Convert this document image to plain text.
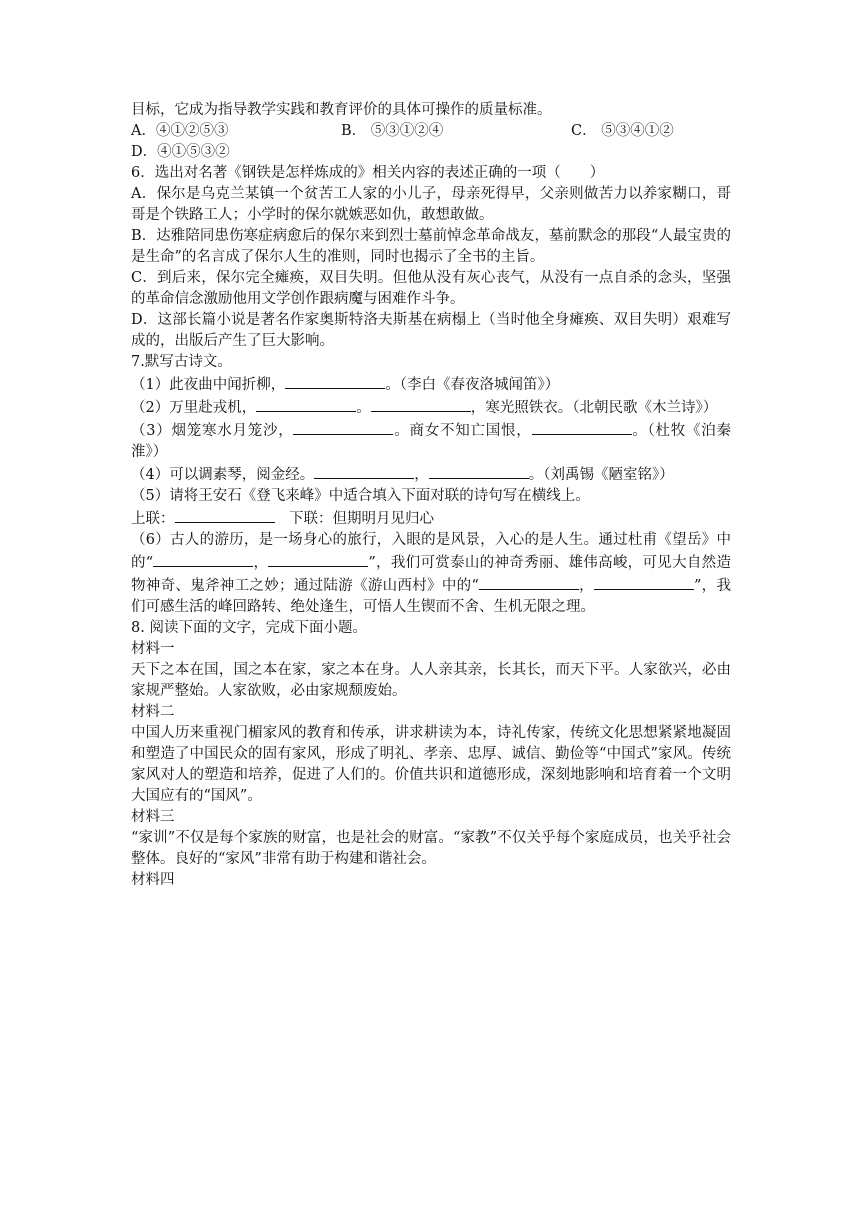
目标，它成为指导教学实践和教育评价的具体可操作的质量标准。

A．④①②⑤③	B． ⑤③①②④	C． ⑤③④①②

D．④①⑤③②

6．选出对名著《钢铁是怎样炼成的》相关内容的表述正确的一项（　　）

A．保尔是乌克兰某镇一个贫苦工人家的小儿子，母亲死得早，父亲则做苦力以养家糊口，哥哥是个铁路工人；小学时的保尔就嫉恶如仇，敢想敢做。

B．达雅陪同患伤寒症病愈后的保尔来到烈士墓前悼念革命战友，墓前默念的那段“人最宝贵的是生命”的名言成了保尔人生的准则，同时也揭示了全书的主旨。

C．到后来，保尔完全瘫痪，双目失明。但他从没有灰心丧气，从没有一点自杀的念头，坚强的革命信念激励他用文学创作跟病魔与困难作斗争。

D．这部长篇小说是著名作家奥斯特洛夫斯基在病榻上（当时他全身瘫痪、双目失明）艰难写成的，出版后产生了巨大影响。

7.默写古诗文。

（1）此夜曲中闻折柳，	。（李白《春夜洛城闻笛》）

（2）万里赴戎机，	。	，寒光照铁衣。（北朝民歌《木兰诗》）

（3）烟笼寒水月笼沙，	。商女不知亡国恨，	。（杜牧《泊秦淮》）

（4）可以调素琴，阅金经。	，	。（刘禹锡《陋室铭》）

（5）请将王安石《登飞来峰》中适合填入下面对联的诗句写在横线上。

上联：	　下联：但期明月见归心

（6）古人的游历，是一场身心的旅行，入眼的是风景，入心的是人生。通过杜甫《望岳》中的“	，	”，我们可赏泰山的神奇秀丽、雄伟高峻，可见大自然造物神奇、鬼斧神工之妙；通过陆游《游山西村》中的“	，	”，我们可感生活的峰回路转、绝处逢生，可悟人生锲而不舍、生机无限之理。

8. 阅读下面的文字，完成下面小题。

材料一

天下之本在国，国之本在家，家之本在身。人人亲其亲，长其长，而天下平。人家欲兴，必由家规严整始。人家欲败，必由家规颓废始。

材料二

中国人历来重视门楣家风的教育和传承，讲求耕读为本，诗礼传家，传统文化思想紧紧地凝固和塑造了中国民众的固有家风，形成了明礼、孝亲、忠厚、诚信、勤俭等“中国式”家风。传统家风对人的塑造和培养，促进了人们的。价值共识和道德形成，深刻地影响和培育着一个文明大国应有的“国风”。

材料三

“家训”不仅是每个家族的财富，也是社会的财富。“家教”不仅关乎每个家庭成员，也关乎社会整体。良好的“家风”非常有助于构建和谐社会。

材料四
